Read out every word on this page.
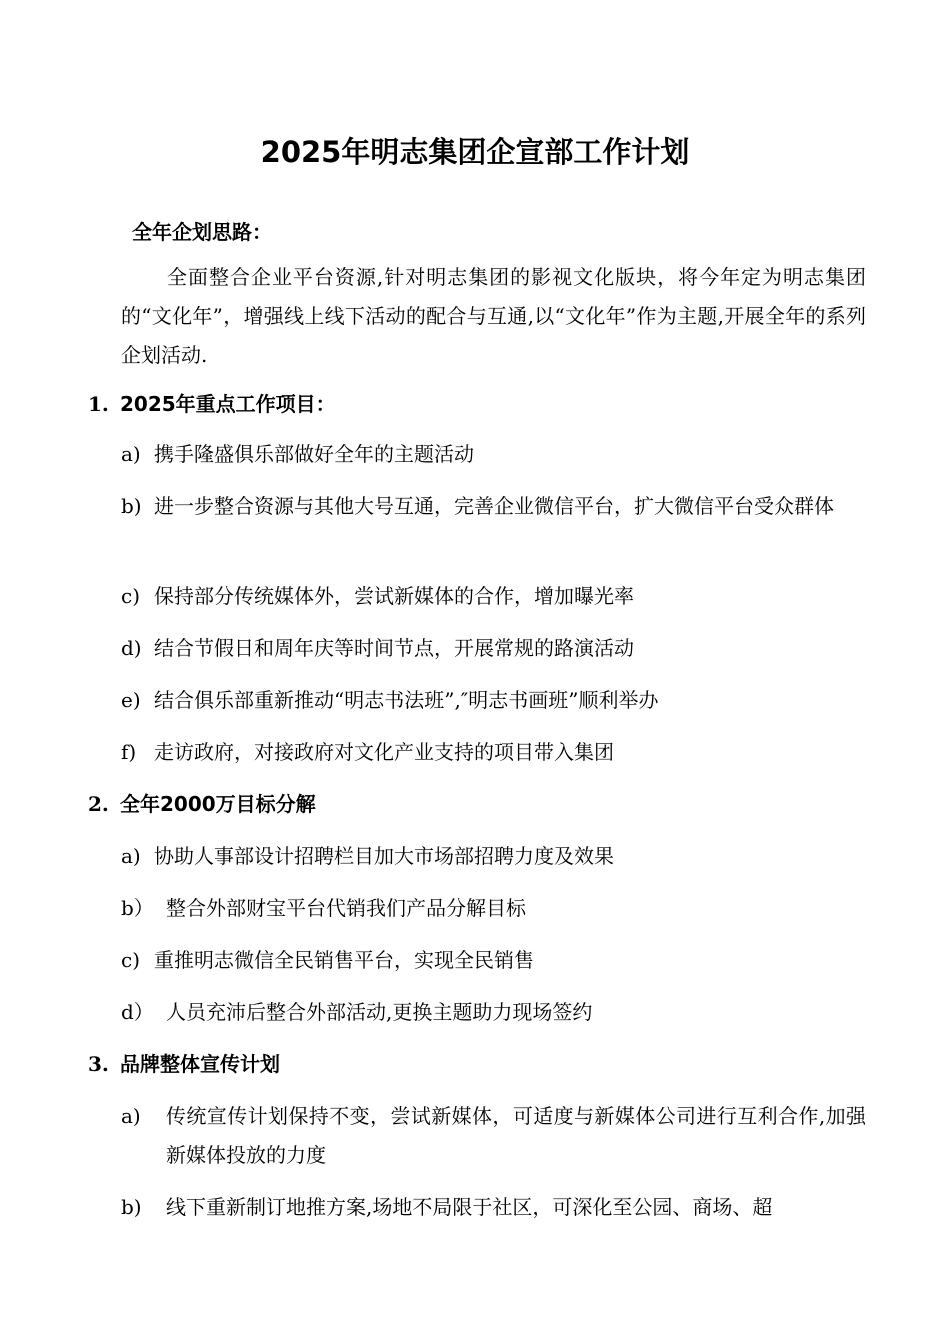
2025年明志集团企宣部工作计划
全年企划思路：
全面整合企业平台资源,针对明志集团的影视文化版块，将今年定为明志集团的“文化年”，增强线上线下活动的配合与互通,以“文化年”作为主题,开展全年的系列企划活动.
1. 2025年重点工作项目：
a) 携手隆盛俱乐部做好全年的主题活动
b) 进一步整合资源与其他大号互通，完善企业微信平台，扩大微信平台受众群体
c) 保持部分传统媒体外，尝试新媒体的合作，增加曝光率
d) 结合节假日和周年庆等时间节点，开展常规的路演活动
e) 结合俱乐部重新推动“明志书法班”,″明志书画班”顺利举办
f) 走访政府，对接政府对文化产业支持的项目带入集团
2. 全年2000万目标分解
a) 协助人事部设计招聘栏目加大市场部招聘力度及效果
b） 整合外部财宝平台代销我们产品分解目标
c) 重推明志微信全民销售平台，实现全民销售
d） 人员充沛后整合外部活动,更换主题助力现场签约
3. 品牌整体宣传计划
a) 传统宣传计划保持不变，尝试新媒体，可适度与新媒体公司进行互利合作,加强新媒体投放的力度
b) 线下重新制订地推方案,场地不局限于社区，可深化至公园、商场、超
